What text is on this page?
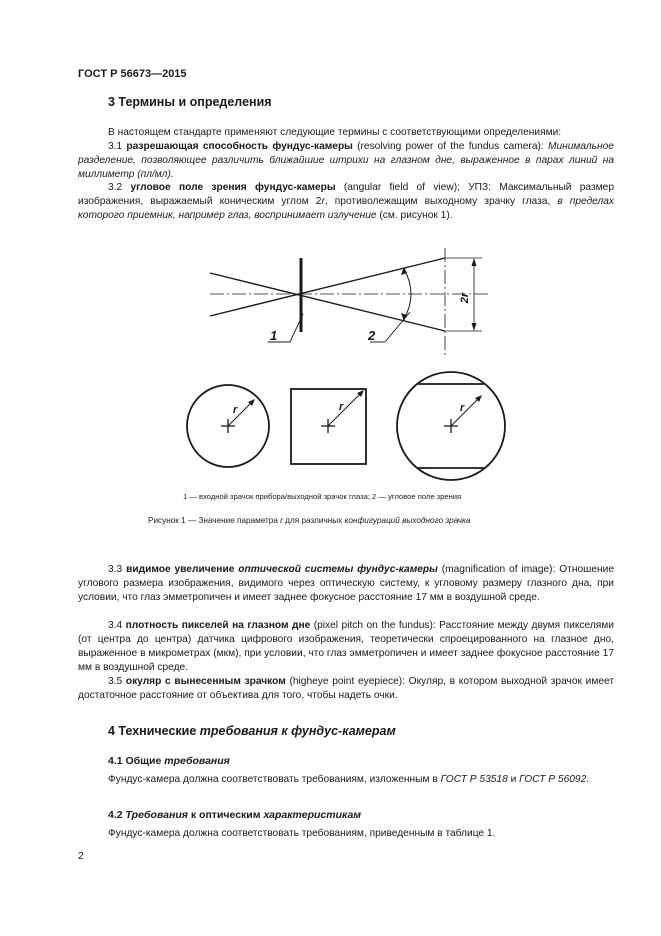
ГОСТ Р 56673—2015
3 Термины и определения
В настоящем стандарте применяют следующие термины с соответствующими определениями:
3.1 разрешающая способность фундус-камеры (resolving power of the fundus camera): Минимальное разделение, позволяющее различить ближайшие штрихи на глазном дне, выраженное в парах линий на миллиметр (пл/мл).
3.2 угловое поле зрения фундус-камеры (angular field of view); УПЗ: Максимальный размер изображения, выражаемый коническим углом 2r, противолежащим выходному зрачку глаза, в пределах которого приемник, например глаз, воспринимает излучение (см. рисунок 1).
1	2
2r
r	r	r
1 — входной зрачок прибора/выходной зрачок глаза; 2 — угловое поле зрения
Рисунок 1 — Значение параметра r для различных конфигураций выходного зрачка
3.3 видимое увеличение оптической системы фундус-камеры (magnification of image): Отношение углового размера изображения, видимого через оптическую систему, к угловому размеру глазного дна, при условии, что глаз эмметропичен и имеет заднее фокусное расстояние 17 мм в воздушной среде.
3.4 плотность пикселей на глазном дне (pixel pitch on the fundus): Расстояние между двумя пикселями (от центра до центра) датчика цифрового изображения, теоретически спроецированного на глазное дно, выраженное в микрометрах (мкм), при условии, что глаз эмметропичен и имеет заднее фокусное расстояние 17 мм в воздушной среде.
3.5 окуляр с вынесенным зрачком (highеye point eyepiece): Окуляр, в котором выходной зрачок имеет достаточное расстояние от объектива для того, чтобы надеть очки.
4 Технические требования к фундус-камерам
4.1 Общие требования
Фундус-камера должна соответствовать требованиям, изложенным в ГОСТ Р 53518 и ГОСТ Р 56092.
4.2 Требования к оптическим характеристикам
Фундус-камера должна соответствовать требованиям, приведенным в таблице 1.
2
